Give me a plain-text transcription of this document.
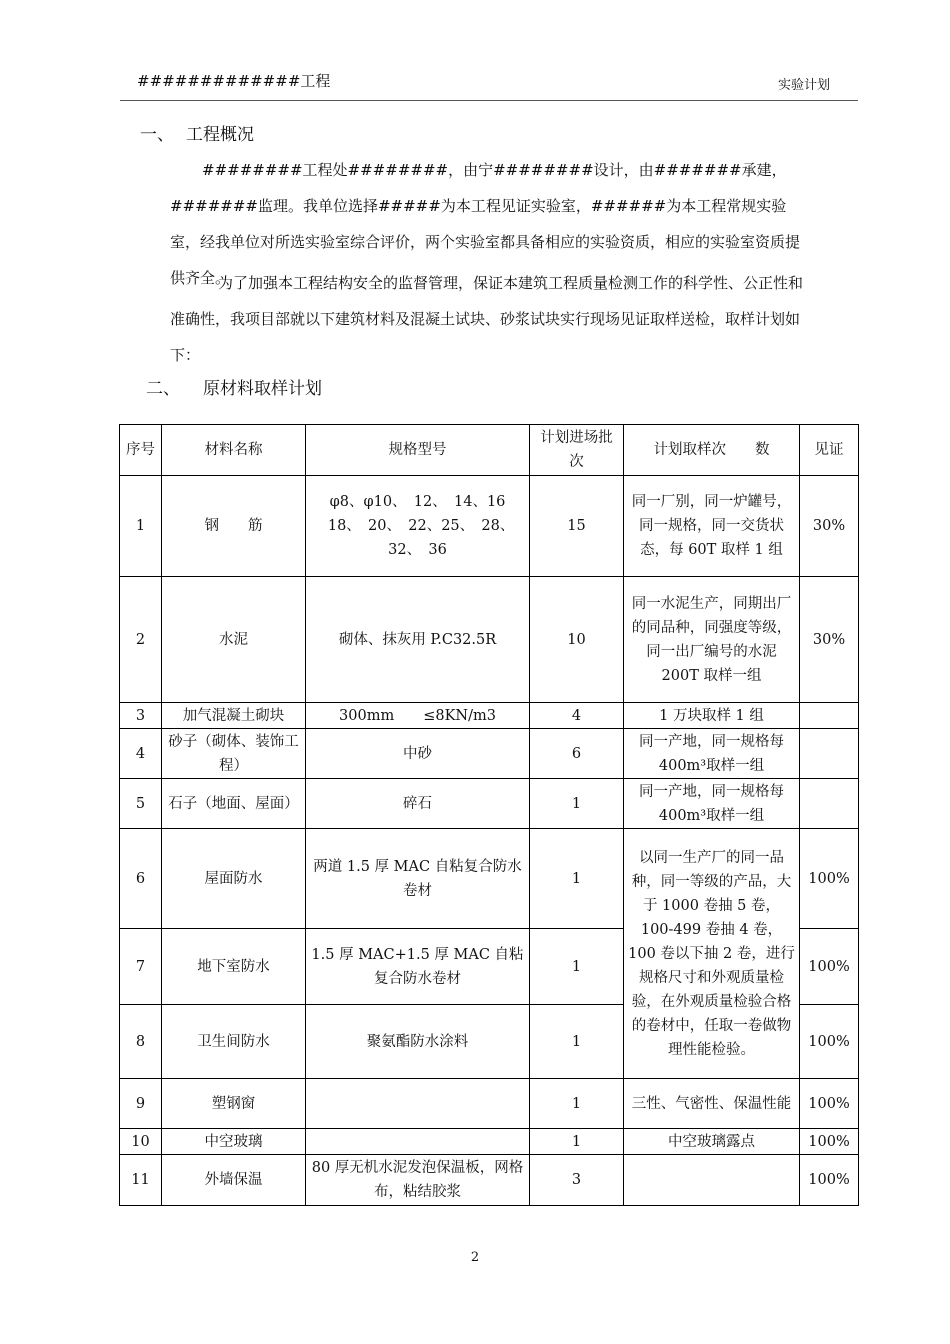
#############工程	实验计划
一、 工程概况
########工程处########，由宁########设计，由#######承建，#######监理。我单位选择#####为本工程见证实验室，######为本工程常规实验室，经我单位对所选实验室综合评价，两个实验室都具备相应的实验资质，相应的实验室资质提供齐全。
为了加强本工程结构安全的监督管理，保证本建筑工程质量检测工作的科学性、公正性和准确性，我项目部就以下建筑材料及混凝土试块、砂浆试块实行现场见证取样送检，取样计划如下：
二、 原材料取样计划
序号	材料名称	规格型号	计划进场批　　次	计划取样次　　数	见证
1	钢　　筋	φ8、φ10、　12、　14、16　18、　20、　22、25、　28、　32、　36	15	同一厂别，同一炉罐号，同一规格，同一交货状态，每 60T 取样 1 组	30%
2	水泥	砌体、抹灰用 P.C32.5R	10	同一水泥生产，同期出厂的同品种，同强度等级，同一出厂编号的水泥 200T 取样一组	30%
3	加气混凝土砌块	300mm　　≤8KN/m3	4	1 万块取样 1 组	
4	砂子（砌体、装饰工程）	中砂	6	同一产地，同一规格每 400m³取样一组	
5	石子（地面、屋面）	碎石	1	同一产地，同一规格每 400m³取样一组	
6	屋面防水	两道 1.5 厚 MAC 自粘复合防水卷材	1	以同一生产厂的同一品种，同一等级的产品，大于 1000 卷抽 5 卷，100-499 卷抽 4 卷，100 卷以下抽 2 卷，进行规格尺寸和外观质量检验，在外观质量检验合格的卷材中，任取一卷做物理性能检验。	100%
7	地下室防水	1.5 厚 MAC+1.5 厚 MAC 自粘复合防水卷材	1		100%
8	卫生间防水	聚氨酯防水涂料	1		100%
9	塑钢窗		1	三性、气密性、保温性能	100%
10	中空玻璃		1	中空玻璃露点	100%
11	外墙保温	80 厚无机水泥发泡保温板，网格布，粘结胶浆	3		100%
2
